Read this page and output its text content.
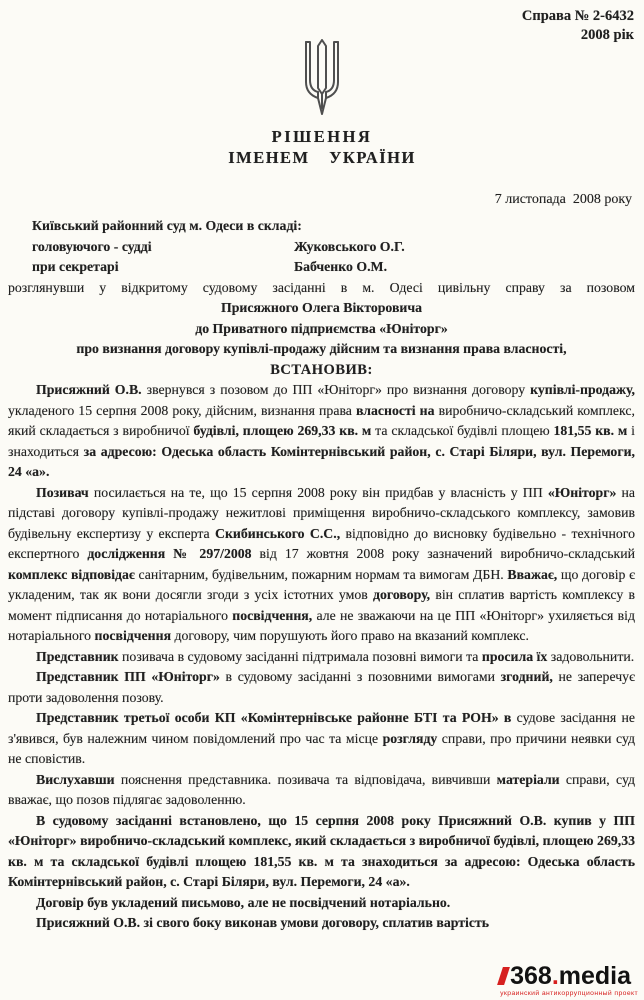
Справа № 2-6432
2008 рік
РІШЕННЯ
ІМЕНЕМ УКРАЇНИ
7 листопада  2008 року
Київський районний суд м. Одеси в складі:
головуючого - судді	Жуковського О.Г.
при секретарі	Бабченко О.М.
розглянувши у відкритому судовому засіданні в м. Одесі цивільну справу за позовом
Присяжного Олега Вікторовича
до Приватного підприємства «Юніторг»
про визнання договору купівлі-продажу дійсним та визнання права власності,
ВСТАНОВИВ:

Присяжний О.В. звернувся з позовом до ПП «Юніторг» про визнання договору купівлі-продажу, укладеного 15 серпня 2008 року, дійсним, визнання права власності на виробничо-складський комплекс, який складається з виробничої будівлі, площею 269,33 кв. м та складської будівлі площею 181,55 кв. м і знаходиться за адресою: Одеська область Комінтернівський район, с. Старі Біляри, вул. Перемоги, 24 «а».

Позивач посилається на те, що 15 серпня 2008 року він придбав у власність у ПП «Юніторг» на підставі договору купівлі-продажу нежитлові приміщення виробничо-складського комплексу, замовив будівельну експертизу у експерта Скибинського С.С., відповідно до висновку будівельно - технічного експертного дослідження № 297/2008 від 17 жовтня 2008 року зазначений виробничо-складський комплекс відповідає санітарним, будівельним, пожарним нормам та вимогам ДБН. Вважає, що договір є укладеним, так як вони досягли згоди з усіх істотних умов договору, він сплатив вартість комплексу в момент підписання до нотаріального посвідчення, але не зважаючи на це ПП «Юніторг» ухиляється від нотаріального посвідчення договору, чим порушують його право на вказаний комплекс.

Представник позивача в судовому засіданні підтримала позовні вимоги та просила їх задовольнити.

Представник ПП «Юніторг» в судовому засіданні з позовними вимогами згодний, не заперечує проти задоволення позову.

Представник третьої особи КП «Комінтернівське районне БТІ та РОН» в судове засідання не з'явився, був належним чином повідомлений про час та місце розгляду справи, про причини неявки суд не сповістив.

Вислухавши пояснення представника. позивача та відповідача, вивчивши матеріали справи, суд вважає, що позов підлягає задоволенню.

В судовому засіданні встановлено, що 15 серпня 2008 року Присяжний О.В. купив у ПП «Юніторг» виробничо-складський комплекс, який складається з виробничої будівлі, площею 269,33 кв. м та складської будівлі площею 181,55 кв. м та знаходиться за адресою: Одеська область Комінтернівський район, с. Старі Біляри, вул. Перемоги, 24 «а».

Договір був укладений письмово, але не посвідчений нотаріально.

Присяжний О.В. зі свого боку виконав умови договору, сплатив вартість

368 . media
украинский антикоррупционный проект
